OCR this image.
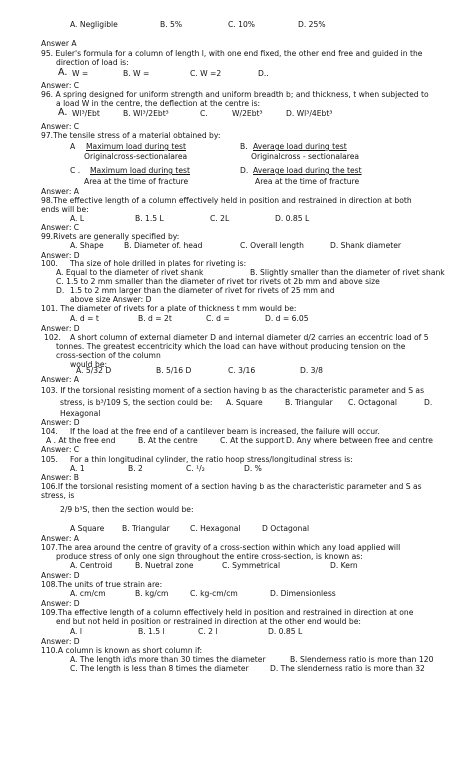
A. Negligible	B. 5%	C. 10%	D. 25%
Answer A
95. Euler's formula for a column of length l, with one end fixed, the other end free and guided in the
direction of load is:
A. W =	B. W =	C. W =2	D..
Answer: C
96. A spring designed for uniform strength and uniform breadth b; and thickness, t when subjected to
a load W in the centre, the deflection at the centre is:
A. Wl³/Ebt	B. Wl³/2Ebt³	C.	W/2Ebt³	D. Wl³/4Ebt³
Answer: C
97.The tensile stress of a material obtained by:
A Maximum load during test
Originalcross-sectionalarea
B. Average load during test
Originalcross - sectionalarea
C . Maximum load during test
Area at the time of fracture
D. Average load during the test
Area at the time of fracture
Answer: A
98.The effective length of a column effectively held in position and restrained in direction at both
ends will be:
A. L	B. 1.5 L	C. 2L	D. 0.85 L
Answer: C
99.Rivets are generally specified by:
A. Shape	B. Diameter of. head	C. Overall length	D. Shank diameter
Answer: D
100. Tha size of hole drilled in plates for riveting is:
A. Equal to the diameter of rivet shank	B. Slightly smaller than the diameter of rivet shank
C. 1.5 to 2 mm smaller than the diameter of rivet tor rivets ot 2b mm and above size
D. 1.5 to 2 mm larger than the diameter of rivet for rivets of 25 mm and
above size Answer: D
101. The diameter of rivets for a plate of thickness t mm would be:
A. d = t	B. d = 2t	C. d =	D. d = 6.05
Answer: D
102. A short column of external diameter D and internal diameter d/2 carries an eccentric load of 5
tonnes. The greatest eccentricity which the load can have without producing tension on the
cross-section of the column
would be:
A. 5/32 D	B. 5/16 D	C. 3/16	D. 3/8
Answer: A
103. If the torsional resisting moment of a section having b as the characteristic parameter and S as
stress, is b³/109 S, the section could be: A. Square	B. Triangular C. Octagonal	D.
Hexagonal
Answer: D
104. If the load at the free end of a cantilever beam is increased, the failure will occur.
A . At the free end	B. At the centre	C. At the support D. Any where between free and centre
Answer: C
105. For a thin longitudinal cylinder, the ratio hoop stress/longitudinal stress is:
A. 1	B. 2	C. ¹/₂	D. %
Answer: B
106.If the torsional resisting moment of a section having b as the characteristic parameter and S as
stress, is
2/9 b³S, then the section would be:
A Square B. Triangular	C. Hexagonal	D Octagonal
Answer: A
107.The area around the centre of gravity of a cross-section within which any load applied will
produce stress of only one sign throughout the entire cross-section, is known as:
A. Centroid	B. Nuetral zone	C. Symmetrical	D. Kern
Answer: D
108.The units of true strain are:
A. cm/cm	B. kg/cm	C. kg-cm/cm	D. Dimensionless
Answer: D
109.Tha effective length of a column effectively held in position and restrained in direction at one
end but not held in position or restrained in direction at the other end would be:
A. l	B. 1.5 l	C. 2 l	D. 0.85 L
Answer: D
110.A column is known as short column if:
A. The length id\s more than 30 times the diameter	B. Slenderness ratio is more than 120
C. The length is less than 8 times the diameter	D. The slenderness ratio is more than 32
